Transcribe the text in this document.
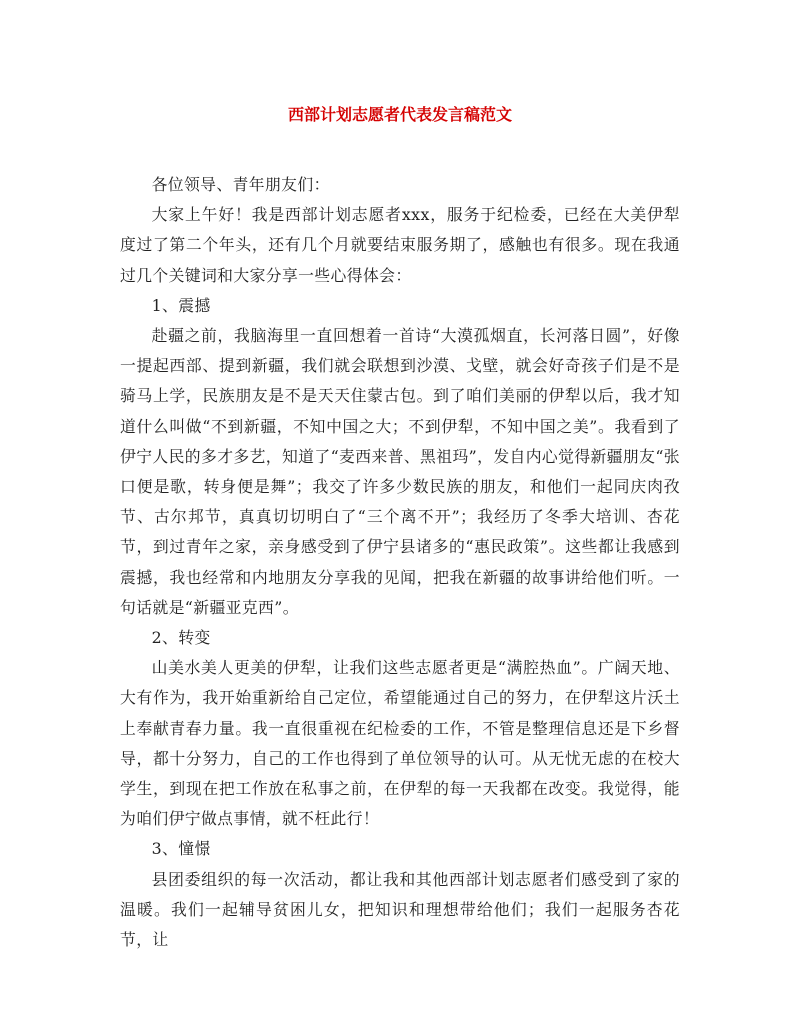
西部计划志愿者代表发言稿范文

各位领导、青年朋友们：

大家上午好！我是西部计划志愿者xxx，服务于纪检委，已经在大美伊犁度过了第二个年头，还有几个月就要结束服务期了，感触也有很多。现在我通过几个关键词和大家分享一些心得体会：

1、震撼

赴疆之前，我脑海里一直回想着一首诗“大漠孤烟直，长河落日圆”，好像一提起西部、提到新疆，我们就会联想到沙漠、戈壁，就会好奇孩子们是不是骑马上学，民族朋友是不是天天住蒙古包。到了咱们美丽的伊犁以后，我才知道什么叫做“不到新疆，不知中国之大；不到伊犁，不知中国之美”。我看到了伊宁人民的多才多艺，知道了“麦西来普、黑祖玛”，发自内心觉得新疆朋友“张口便是歌，转身便是舞”；我交了许多少数民族的朋友，和他们一起同庆肉孜节、古尔邦节，真真切切明白了“三个离不开”；我经历了冬季大培训、杏花节，到过青年之家，亲身感受到了伊宁县诸多的“惠民政策”。这些都让我感到震撼，我也经常和内地朋友分享我的见闻，把我在新疆的故事讲给他们听。一句话就是“新疆亚克西”。

2、转变

山美水美人更美的伊犁，让我们这些志愿者更是“满腔热血”。广阔天地、大有作为，我开始重新给自己定位，希望能通过自己的努力，在伊犁这片沃土上奉献青春力量。我一直很重视在纪检委的工作，不管是整理信息还是下乡督导，都十分努力，自己的工作也得到了单位领导的认可。从无忧无虑的在校大学生，到现在把工作放在私事之前，在伊犁的每一天我都在改变。我觉得，能为咱们伊宁做点事情，就不枉此行！

3、憧憬

县团委组织的每一次活动，都让我和其他西部计划志愿者们感受到了家的温暖。我们一起辅导贫困儿女，把知识和理想带给他们；我们一起服务杏花节，让
